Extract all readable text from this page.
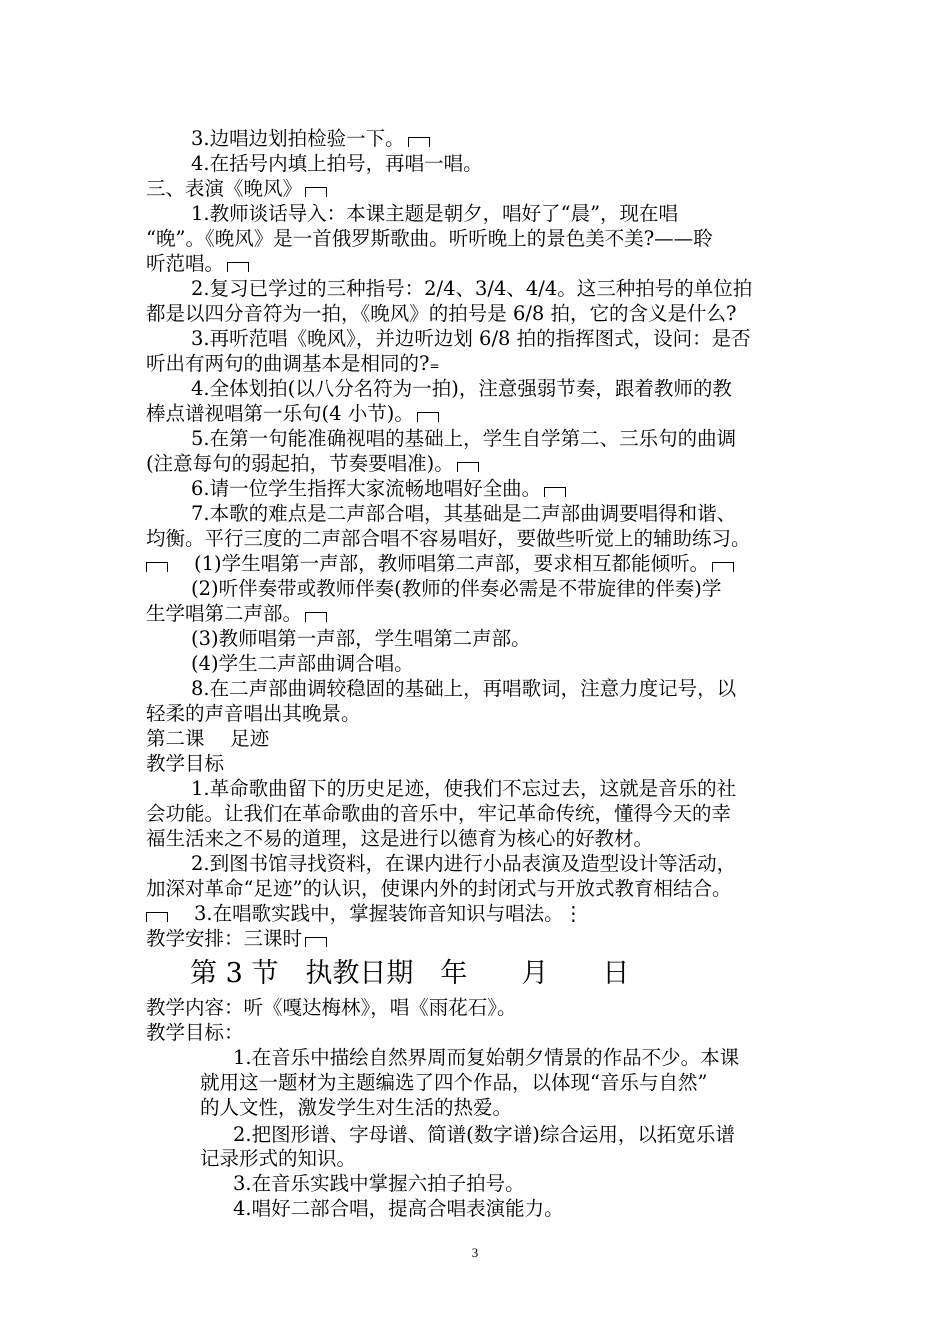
3.边唱边划拍检验一下。
4.在括号内填上拍号，再唱一唱。
三、表演《晚风》
1.教师谈话导入：本课主题是朝夕，唱好了“晨”，现在唱
“晚”。《晚风》是一首俄罗斯歌曲。听听晚上的景色美不美?——聆
听范唱。
2.复习已学过的三种指号：2/4、3/4、4/4。这三种拍号的单位拍
都是以四分音符为一拍，《晚风》的拍号是 6/8 拍，它的含义是什么?
3.再听范唱《晚风》，并边听边划 6/8 拍的指挥图式，设问：是否
听出有两句的曲调基本是相同的?=
4.全体划拍(以八分名符为一拍)，注意强弱节奏，跟着教师的教
棒点谱视唱第一乐句(4 小节)。
5.在第一句能准确视唱的基础上，学生自学第二、三乐句的曲调
(注意每句的弱起拍，节奏要唱准)。
6.请一位学生指挥大家流畅地唱好全曲。
7.本歌的难点是二声部合唱，其基础是二声部曲调要唱得和谐、
均衡。平行三度的二声部合唱不容易唱好，要做些听觉上的辅助练习。
(1)学生唱第一声部，教师唱第二声部，要求相互都能倾听。
(2)听伴奏带或教师伴奏(教师的伴奏必需是不带旋律的伴奏)学
生学唱第二声部。
(3)教师唱第一声部，学生唱第二声部。
(4)学生二声部曲调合唱。
8.在二声部曲调较稳固的基础上，再唱歌词，注意力度记号，以
轻柔的声音唱出其晚景。
第二课　 足迹
教学目标
1.革命歌曲留下的历史足迹，使我们不忘过去，这就是音乐的社
会功能。让我们在革命歌曲的音乐中，牢记革命传统，懂得今天的幸
福生活来之不易的道理，这是进行以德育为核心的好教材。
2.到图书馆寻找资料，在课内进行小品表演及造型设计等活动，
加深对革命“足迹”的认识，使课内外的封闭式与开放式教育相结合。
3.在唱歌实践中，掌握装饰音知识与唱法。⋮
教学安排：三课时
第 3 节　执教日期　年　　月　　日
教学内容：听《嘎达梅林》，唱《雨花石》。
教学目标：
1.在音乐中描绘自然界周而复始朝夕情景的作品不少。本课
就用这一题材为主题编选了四个作品，以体现“音乐与自然”
的人文性，激发学生对生活的热爱。
2.把图形谱、字母谱、简谱(数字谱)综合运用，以拓宽乐谱
记录形式的知识。
3.在音乐实践中掌握六拍子拍号。
4.唱好二部合唱，提高合唱表演能力。
3
